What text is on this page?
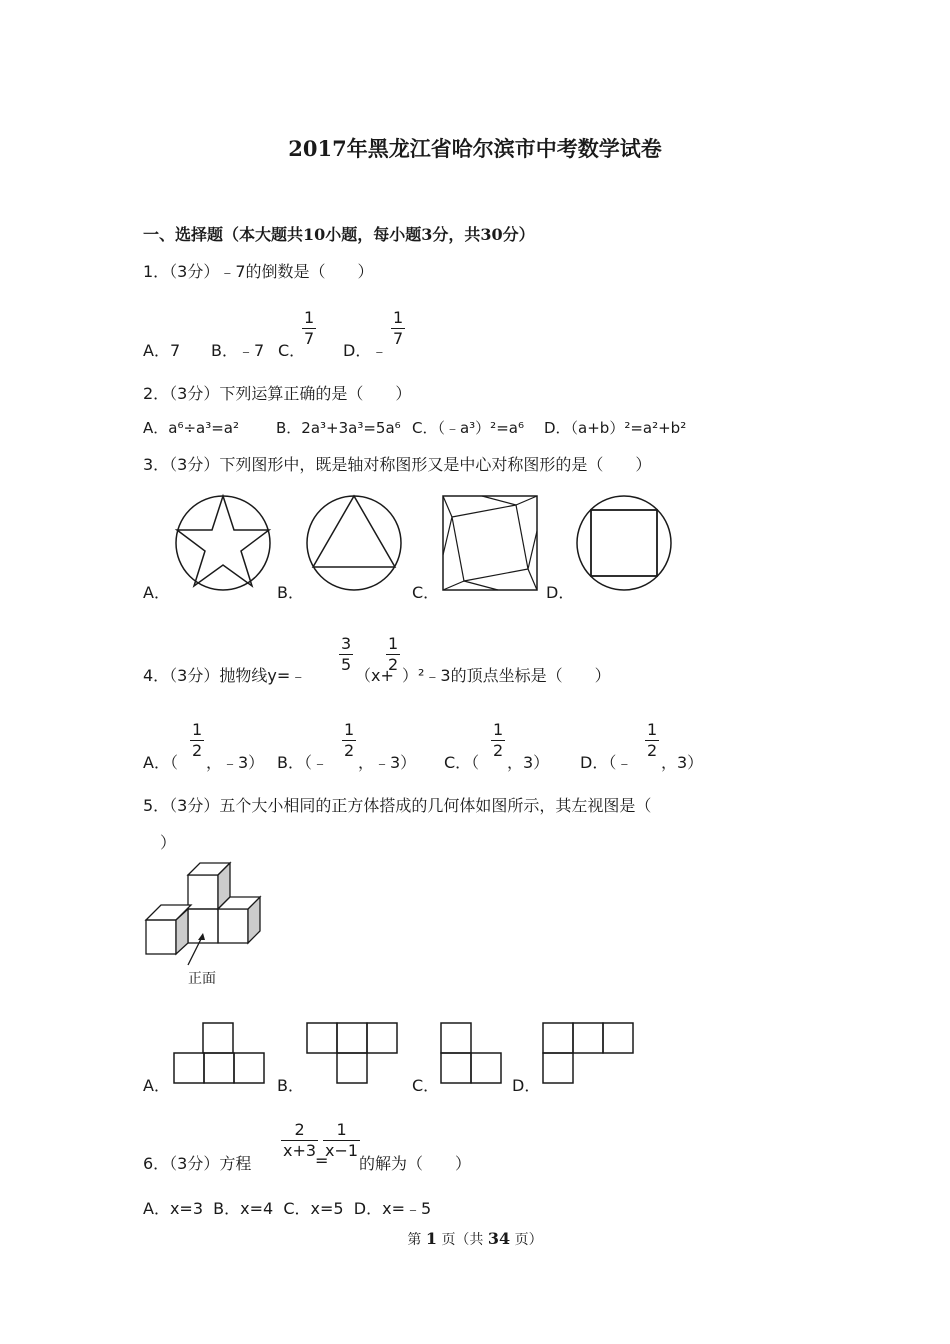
2017年黑龙江省哈尔滨市中考数学试卷
一、选择题（本大题共10小题，每小题3分，共30分）
1．（3分）﹣7的倒数是（　　）
A．7 B．﹣7 C．
1
7
D．﹣
1
7
2．（3分）下列运算正确的是（　　）
A．a⁶÷a³=a² B．2a³+3a³=5a⁶ C．（﹣a³）²=a⁶ D．（a+b）²=a²+b²
3．（3分）下列图形中，既是轴对称图形又是中心对称图形的是（　　）
A．	B．	C．	D．
4．（3分）抛物线y=﹣
3
5
（x+
1
2
）²﹣3的顶点坐标是（　　）
A．（
1
2
，﹣3） B．（﹣
1
2
，﹣3） C．（
1
2
，3） D．（﹣
1
2
，3）
5．（3分）五个大小相同的正方体搭成的几何体如图所示，其左视图是（
）
正面
A．	B．	C．	D．
6．（3分）方程
2
x+3
=
1
x−1
的解为（　　）
A．x=3  B．x=4  C．x=5  D．x=﹣5
第 1 页（共 34 页）
